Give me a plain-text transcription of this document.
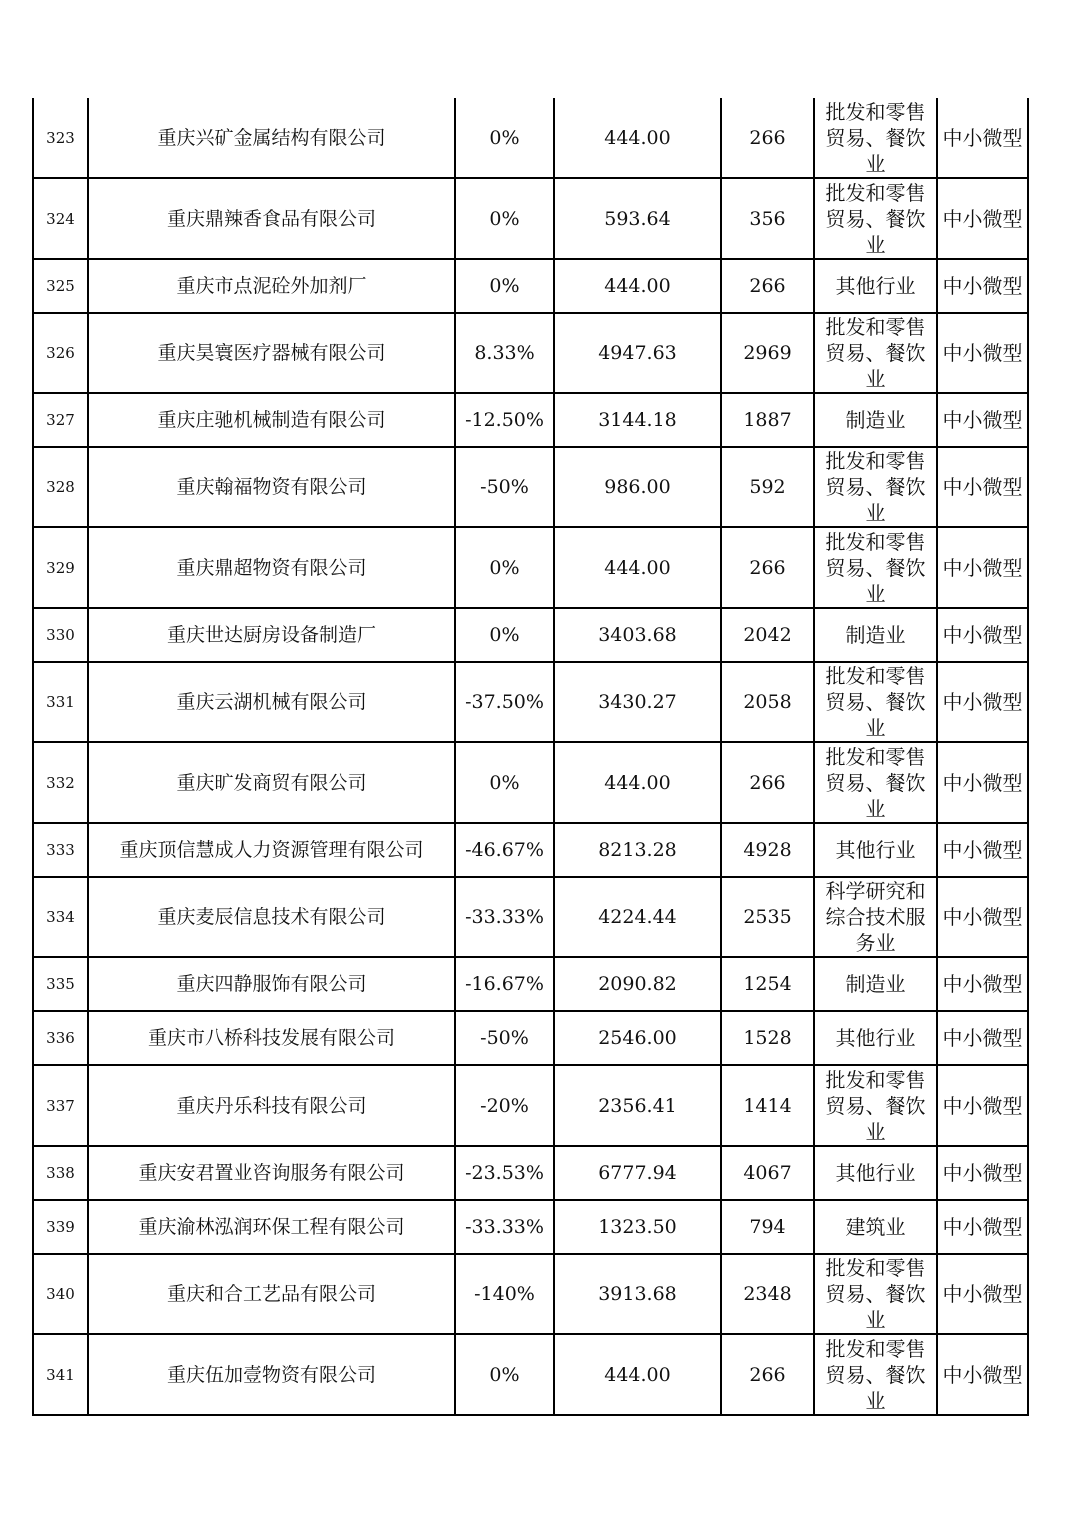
323	重庆兴矿金属结构有限公司	0%	444.00	266	批发和零售贸易、餐饮业	中小微型
324	重庆鼎辣香食品有限公司	0%	593.64	356	批发和零售贸易、餐饮业	中小微型
325	重庆市点泥砼外加剂厂	0%	444.00	266	其他行业	中小微型
326	重庆昊寰医疗器械有限公司	8.33%	4947.63	2969	批发和零售贸易、餐饮业	中小微型
327	重庆庄驰机械制造有限公司	-12.50%	3144.18	1887	制造业	中小微型
328	重庆翰福物资有限公司	-50%	986.00	592	批发和零售贸易、餐饮业	中小微型
329	重庆鼎超物资有限公司	0%	444.00	266	批发和零售贸易、餐饮业	中小微型
330	重庆世达厨房设备制造厂	0%	3403.68	2042	制造业	中小微型
331	重庆云湖机械有限公司	-37.50%	3430.27	2058	批发和零售贸易、餐饮业	中小微型
332	重庆旷发商贸有限公司	0%	444.00	266	批发和零售贸易、餐饮业	中小微型
333	重庆顶信慧成人力资源管理有限公司	-46.67%	8213.28	4928	其他行业	中小微型
334	重庆麦辰信息技术有限公司	-33.33%	4224.44	2535	科学研究和综合技术服务业	中小微型
335	重庆四静服饰有限公司	-16.67%	2090.82	1254	制造业	中小微型
336	重庆市八桥科技发展有限公司	-50%	2546.00	1528	其他行业	中小微型
337	重庆丹乐科技有限公司	-20%	2356.41	1414	批发和零售贸易、餐饮业	中小微型
338	重庆安君置业咨询服务有限公司	-23.53%	6777.94	4067	其他行业	中小微型
339	重庆渝林泓润环保工程有限公司	-33.33%	1323.50	794	建筑业	中小微型
340	重庆和合工艺品有限公司	-140%	3913.68	2348	批发和零售贸易、餐饮业	中小微型
341	重庆伍加壹物资有限公司	0%	444.00	266	批发和零售贸易、餐饮业	中小微型
